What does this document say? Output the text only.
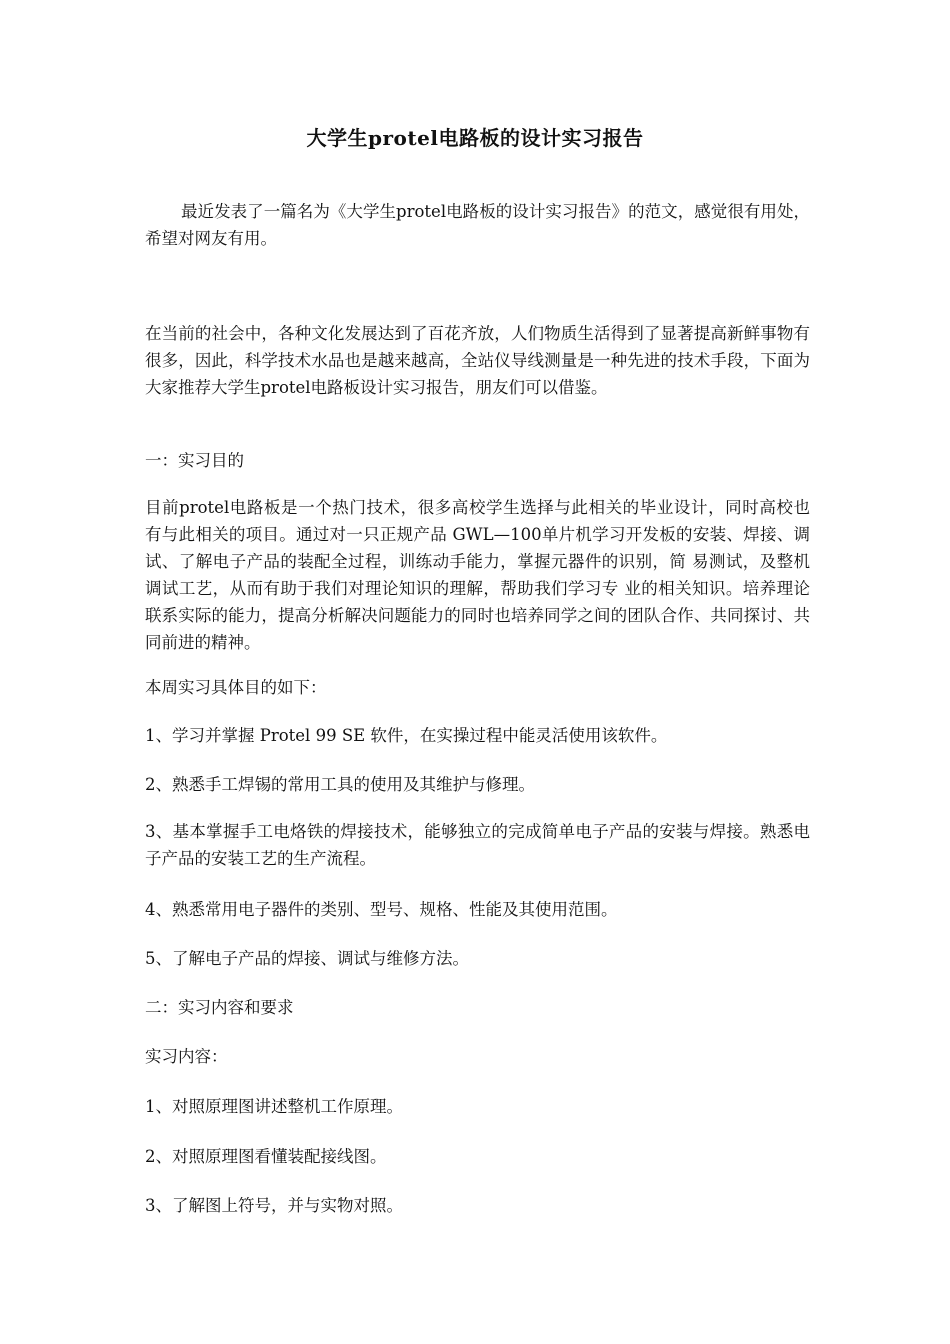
大学生protel电路板的设计实习报告

最近发表了一篇名为《大学生protel电路板的设计实习报告》的范文，感觉很有用处，希望对网友有用。

在当前的社会中，各种文化发展达到了百花齐放，人们物质生活得到了显著提高新鲜事物有很多，因此，科学技术水品也是越来越高，全站仪导线测量是一种先进的技术手段，下面为大家推荐大学生protel电路板设计实习报告，朋友们可以借鉴。

一：实习目的

目前protel电路板是一个热门技术，很多高校学生选择与此相关的毕业设计，同时高校也 有与此相关的项目。通过对一只正规产品 GWL—100单片机学习开发板的安装、焊接、调试、了解电子产品的装配全过程，训练动手能力，掌握元器件的识别，简 易测试，及整机调试工艺，从而有助于我们对理论知识的理解，帮助我们学习专 业的相关知识。培养理论联系实际的能力，提高分析解决问题能力的同时也培养同学之间的团队合作、共同探讨、共同前进的精神。

本周实习具体目的如下：

1、学习并掌握 Protel 99 SE 软件，在实操过程中能灵活使用该软件。

2、熟悉手工焊锡的常用工具的使用及其维护与修理。

3、基本掌握手工电烙铁的焊接技术，能够独立的完成简单电子产品的安装与焊接。熟悉电子产品的安装工艺的生产流程。

4、熟悉常用电子器件的类别、型号、规格、性能及其使用范围。

5、了解电子产品的焊接、调试与维修方法。

二：实习内容和要求

实习内容：

1、对照原理图讲述整机工作原理。

2、对照原理图看懂装配接线图。

3、了解图上符号，并与实物对照。
